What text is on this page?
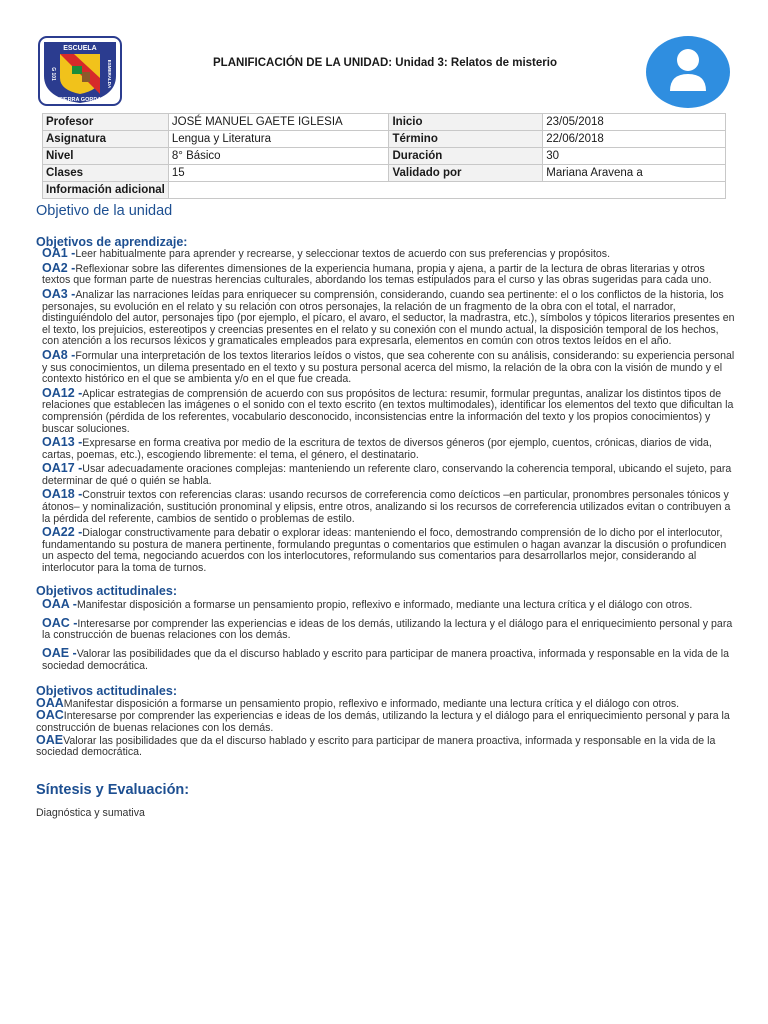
ESCUELA
SIERRA GORDA
G 101	ESMERALDA	PLANIFICACIÓN DE LA UNIDAD: Unidad 3: Relatos de misterio
Profesor	JOSÉ MANUEL GAETE IGLESIA	Inicio	23/05/2018
Asignatura	Lengua y Literatura	Término	22/06/2018
Nivel	8° Básico	Duración	30
Clases	15	Validado por	Mariana Aravena a
Información adicional			
Objetivo de la unidad
Objetivos de aprendizaje:

OA1 -Leer habitualmente para aprender y recrearse, y seleccionar textos de acuerdo con sus preferencias y propósitos.

OA2 -Reflexionar sobre las diferentes dimensiones de la experiencia humana, propia y ajena, a partir de la lectura de obras literarias y otros textos que forman parte de nuestras herencias culturales, abordando los temas estipulados para el curso y las obras sugeridas para cada uno.

OA3 -Analizar las narraciones leídas para enriquecer su comprensión, considerando, cuando sea pertinente: el o los conflictos de la historia, los personajes, su evolución en el relato y su relación con otros personajes, la relación de un fragmento de la obra con el total, el narrador, distinguiéndolo del autor, personajes tipo (por ejemplo, el pícaro, el avaro, el seductor, la madrastra, etc.), símbolos y tópicos literarios presentes en el texto, los prejuicios, estereotipos y creencias presentes en el relato y su conexión con el mundo actual, la disposición temporal de los hechos, con atención a los recursos léxicos y gramaticales empleados para expresarla, elementos en común con otros textos leídos en el año.

OA8 -Formular una interpretación de los textos literarios leídos o vistos, que sea coherente con su análisis, considerando: su experiencia personal y sus conocimientos, un dilema presentado en el texto y su postura personal acerca del mismo, la relación de la obra con la visión de mundo y el contexto histórico en el que se ambienta y/o en el que fue creada.

OA12 -Aplicar estrategias de comprensión de acuerdo con sus propósitos de lectura: resumir, formular preguntas, analizar los distintos tipos de relaciones que establecen las imágenes o el sonido con el texto escrito (en textos multimodales), identificar los elementos del texto que dificultan la comprensión (pérdida de los referentes, vocabulario desconocido, inconsistencias entre la información del texto y los propios conocimientos) y buscar soluciones.

OA13 -Expresarse en forma creativa por medio de la escritura de textos de diversos géneros (por ejemplo, cuentos, crónicas, diarios de vida, cartas, poemas, etc.), escogiendo libremente: el tema, el género, el destinatario.

OA17 -Usar adecuadamente oraciones complejas: manteniendo un referente claro, conservando la coherencia temporal, ubicando el sujeto, para determinar de qué o quién se habla.

OA18 -Construir textos con referencias claras: usando recursos de correferencia como deícticos –en particular, pronombres personales tónicos y átonos– y nominalización, sustitución pronominal y elipsis, entre otros, analizando si los recursos de correferencia utilizados evitan o contribuyen a la pérdida del referente, cambios de sentido o problemas de estilo.

OA22 -Dialogar constructivamente para debatir o explorar ideas: manteniendo el foco, demostrando comprensión de lo dicho por el interlocutor, fundamentando su postura de manera pertinente, formulando preguntas o comentarios que estimulen o hagan avanzar la discusión o profundicen un aspecto del tema, negociando acuerdos con los interlocutores, reformulando sus comentarios para desarrollarlos mejor, considerando al interlocutor para la toma de turnos.

Objetivos actitudinales:

OAA -Manifestar disposición a formarse un pensamiento propio, reflexivo e informado, mediante una lectura crítica y el diálogo con otros.

OAC -Interesarse por comprender las experiencias e ideas de los demás, utilizando la lectura y el diálogo para el enriquecimiento personal y para la construcción de buenas relaciones con los demás.

OAE -Valorar las posibilidades que da el discurso hablado y escrito para participar de manera proactiva, informada y responsable en la vida de la sociedad democrática.

Objetivos actitudinales:

OAAManifestar disposición a formarse un pensamiento propio, reflexivo e informado, mediante una lectura crítica y el diálogo con otros.

OACInteresarse por comprender las experiencias e ideas de los demás, utilizando la lectura y el diálogo para el enriquecimiento personal y para la construcción de buenas relaciones con los demás.

OAEValorar las posibilidades que da el discurso hablado y escrito para participar de manera proactiva, informada y responsable en la vida de la sociedad democrática.

Síntesis y Evaluación:

Diagnóstica y sumativa
